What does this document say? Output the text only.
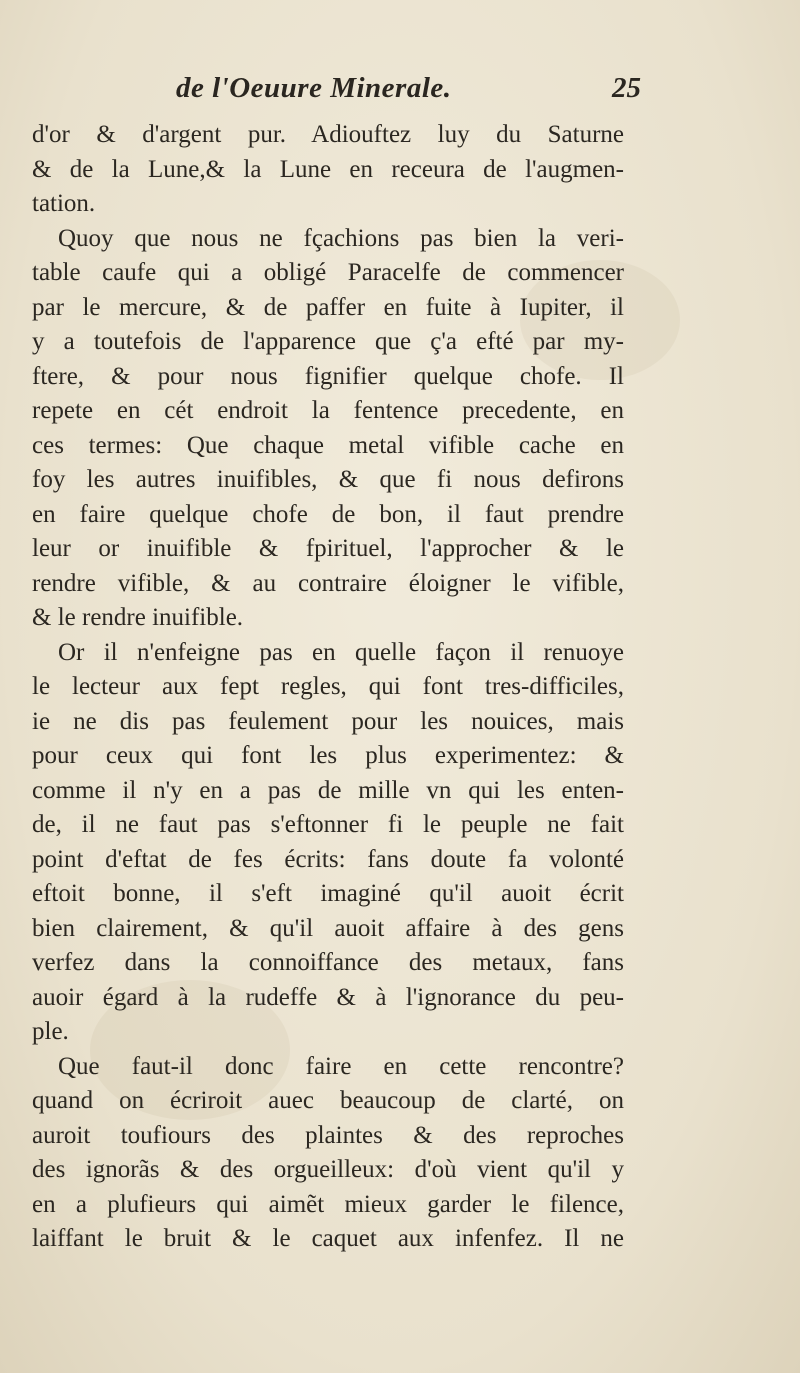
de l'Oeuure Minerale.	25
d'or & d'argent pur. Adiouftez luy du Saturne
& de la Lune,& la Lune en receura de l'augmen-
tation.
Quoy que nous ne fçachions pas bien la veri-
table caufe qui a obligé Paracelfe de commencer
par le mercure, & de paffer en fuite à Iupiter, il
y a toutefois de l'apparence que ç'a efté par my-
ftere, & pour nous fignifier quelque chofe. Il
repete en cét endroit la fentence precedente, en
ces termes: Que chaque metal vifible cache en
foy les autres inuifibles, & que fi nous defirons
en faire quelque chofe de bon, il faut prendre
leur or inuifible & fpirituel, l'approcher & le
rendre vifible, & au contraire éloigner le vifible,
& le rendre inuifible.
Or il n'enfeigne pas en quelle façon il renuoye
le lecteur aux fept regles, qui font tres-difficiles,
ie ne dis pas feulement pour les nouices, mais
pour ceux qui font les plus experimentez: &
comme il n'y en a pas de mille vn qui les enten-
de, il ne faut pas s'eftonner fi le peuple ne fait
point d'eftat de fes écrits: fans doute fa volonté
eftoit bonne, il s'eft imaginé qu'il auoit écrit
bien clairement, & qu'il auoit affaire à des gens
verfez dans la connoiffance des metaux, fans
auoir égard à la rudeffe & à l'ignorance du peu-
ple.
Que faut-il donc faire en cette rencontre?
quand on écriroit auec beaucoup de clarté, on
auroit toufiours des plaintes & des reproches
des ignorãs & des orgueilleux: d'où vient qu'il y
en a plufieurs qui aimẽt mieux garder le filence,
laiffant le bruit & le caquet aux infenfez. Il ne
